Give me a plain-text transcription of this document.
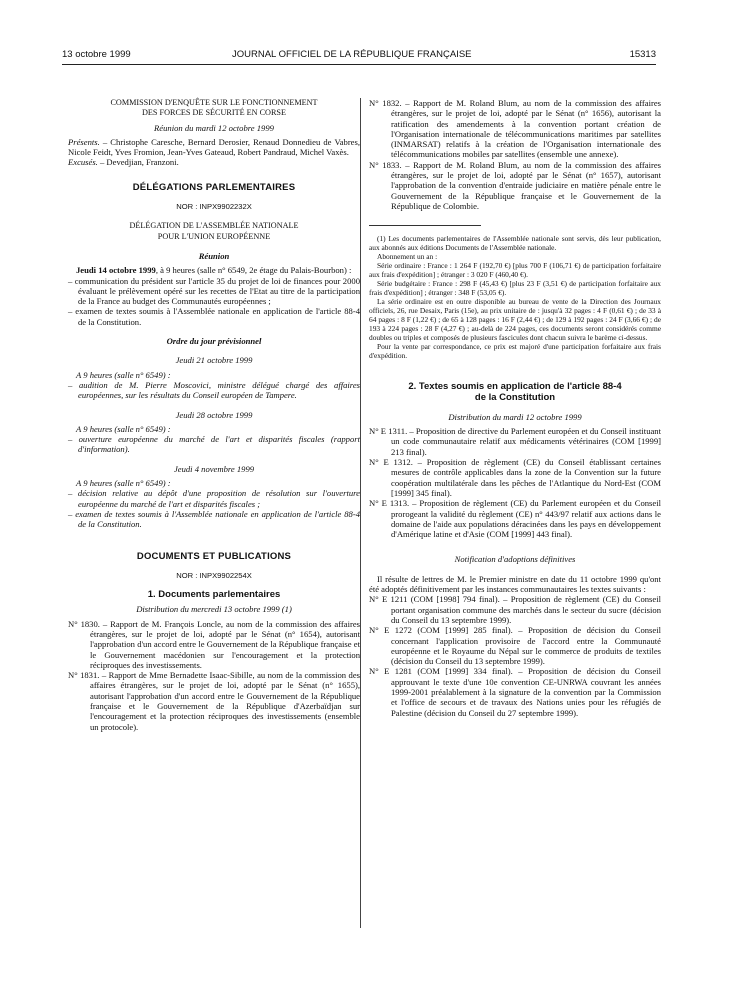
13 octobre 1999	JOURNAL OFFICIEL DE LA RÉPUBLIQUE FRANÇAISE	15313

COMMISSION D'ENQUÊTE SUR LE FONCTIONNEMENT

DES FORCES DE SÉCURITÉ EN CORSE

Réunion du mardi 12 octobre 1999

Présents. – Christophe Caresche, Bernard Derosier, Renaud Donnedieu de Vabres, Nicole Feidt, Yves Fromion, Jean-Yves Gateaud, Robert Pandraud, Michel Vaxès.

Excusés. – Devedjian, Franzoni.

DÉLÉGATIONS PARLEMENTAIRES

NOR : INPX9902232X

DÉLÉGATION DE L'ASSEMBLÉE NATIONALE

POUR L'UNION EUROPÉENNE

Réunion

Jeudi 14 octobre 1999, à 9 heures (salle n° 6549, 2e étage du Palais-Bourbon) :

– communication du président sur l'article 35 du projet de loi de finances pour 2000 évaluant le prélèvement opéré sur les recettes de l'Etat au titre de la participation de la France au budget des Communautés européennes ;

– examen de textes soumis à l'Assemblée nationale en application de l'article 88-4 de la Constitution.

Ordre du jour prévisionnel

Jeudi 21 octobre 1999

A 9 heures (salle n° 6549) :

– audition de M. Pierre Moscovici, ministre délégué chargé des affaires européennes, sur les résultats du Conseil européen de Tampere.

Jeudi 28 octobre 1999

A 9 heures (salle n° 6549) :

– ouverture européenne du marché de l'art et disparités fiscales (rapport d'information).

Jeudi 4 novembre 1999

A 9 heures (salle n° 6549) :

– décision relative au dépôt d'une proposition de résolution sur l'ouverture européenne du marché de l'art et disparités fiscales ;

– examen de textes soumis à l'Assemblée nationale en application de l'article 88-4 de la Constitution.

DOCUMENTS ET PUBLICATIONS

NOR : INPX9902254X

1. Documents parlementaires

Distribution du mercredi 13 octobre 1999 (1)

N° 1830. – Rapport de M. François Loncle, au nom de la commission des affaires étrangères, sur le projet de loi, adopté par le Sénat (n° 1654), autorisant l'approbation d'un accord entre le Gouvernement de la République française et le Gouvernement macédonien sur l'encouragement et la protection réciproques des investissements.

N° 1831. – Rapport de Mme Bernadette Isaac-Sibille, au nom de la commission des affaires étrangères, sur le projet de loi, adopté par le Sénat (n° 1655), autorisant l'approbation d'un accord entre le Gouvernement de la République française et le Gouvernement de la République d'Azerbaïdjan sur l'encouragement et la protection réciproques des investissements (ensemble un protocole).

N° 1832. – Rapport de M. Roland Blum, au nom de la commission des affaires étrangères, sur le projet de loi, adopté par le Sénat (n° 1656), autorisant la ratification des amendements à la convention portant création de l'Organisation internationale de télécommunications maritimes par satellites (INMARSAT) relatifs à la création de l'Organisation internationale des télécommunications mobiles par satellites (ensemble une annexe).

N° 1833. – Rapport de M. Roland Blum, au nom de la commission des affaires étrangères, sur le projet de loi, adopté par le Sénat (n° 1657), autorisant l'approbation de la convention d'entraide judiciaire en matière pénale entre le Gouvernement de la République française et le Gouvernement de la République de Colombie.

(1) Les documents parlementaires de l'Assemblée nationale sont servis, dès leur publication, aux abonnés aux éditions Documents de l'Assemblée nationale.

Abonnement un an :

Série ordinaire : France : 1 264 F (192,70 €) [plus 700 F (106,71 €) de participation forfaitaire aux frais d'expédition] ; étranger : 3 020 F (460,40 €).

Série budgétaire : France : 298 F (45,43 €) [plus 23 F (3,51 €) de participation forfaitaire aux frais d'expédition] ; étranger : 348 F (53,05 €).

La série ordinaire est en outre disponible au bureau de vente de la Direction des Journaux officiels, 26, rue Desaix, Paris (15e), au prix unitaire de : jusqu'à 32 pages : 4 F (0,61 €) ; de 33 à 64 pages : 8 F (1,22 €) ; de 65 à 128 pages : 16 F (2,44 €) ; de 129 à 192 pages : 24 F (3,66 €) ; de 193 à 224 pages : 28 F (4,27 €) ; au-delà de 224 pages, ces documents seront considérés comme doubles ou triples et composés de plusieurs fascicules dont chacun suivra le barème ci-dessus.

Pour la vente par correspondance, ce prix est majoré d'une participation forfaitaire aux frais d'expédition.

2. Textes soumis en application de l'article 88-4

de la Constitution

Distribution du mardi 12 octobre 1999

N° E 1311. – Proposition de directive du Parlement européen et du Conseil instituant un code communautaire relatif aux médicaments vétérinaires (COM [1999] 213 final).

N° E 1312. – Proposition de règlement (CE) du Conseil établissant certaines mesures de contrôle applicables dans la zone de la Convention sur la future coopération multilatérale dans les pêches de l'Atlantique du Nord-Est (COM [1999] 345 final).

N° E 1313. – Proposition de règlement (CE) du Parlement européen et du Conseil prorogeant la validité du règlement (CE) n° 443/97 relatif aux actions dans le domaine de l'aide aux populations déracinées dans les pays en développement d'Amérique latine et d'Asie (COM [1999] 443 final).

Notification d'adoptions définitives

Il résulte de lettres de M. le Premier ministre en date du 11 octobre 1999 qu'ont été adoptés définitivement par les instances communautaires les textes suivants :

N° E 1211 (COM [1998] 794 final). – Proposition de règlement (CE) du Conseil portant organisation commune des marchés dans le secteur du sucre (décision du Conseil du 13 septembre 1999).

N° E 1272 (COM [1999] 285 final). – Proposition de décision du Conseil concernant l'application provisoire de l'accord entre la Communauté européenne et le Royaume du Népal sur le commerce de produits de textiles (décision du Conseil du 13 septembre 1999).

N° E 1281 (COM [1999] 334 final). – Proposition de décision du Conseil approuvant le texte d'une 10e convention CE-UNRWA couvrant les années 1999-2001 préalablement à la signature de la convention par la Commission et l'office de secours et de travaux des Nations unies pour les réfugiés de Palestine (décision du Conseil du 27 septembre 1999).
